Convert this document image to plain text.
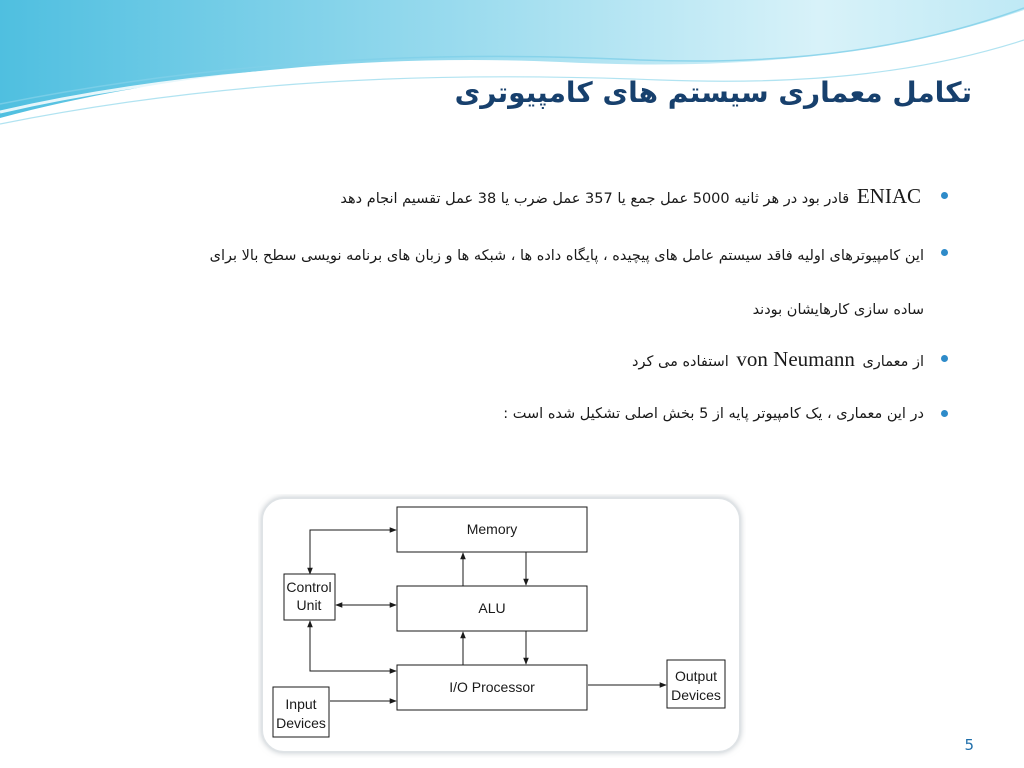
تکامل معماری سیستم های کامپیوتری
ENIAC قادر بود در هر ثانیه 5000 عمل جمع یا 357 عمل ضرب یا 38 عمل تقسیم انجام دهد
این کامپیوترهای اولیه فاقد سیستم عامل های پیچیده ، پایگاه داده ها ، شبکه ها و زبان های برنامه نویسی سطح بالا برای ساده سازی کارهایشان بودند
از معماری von Neumann استفاده می کرد
در این معماری ، یک کامپیوتر پایه از 5 بخش اصلی تشکیل شده است :
Memory
ALU
I/O Processor
Control
Unit
Input
Devices
Output
Devices
5
